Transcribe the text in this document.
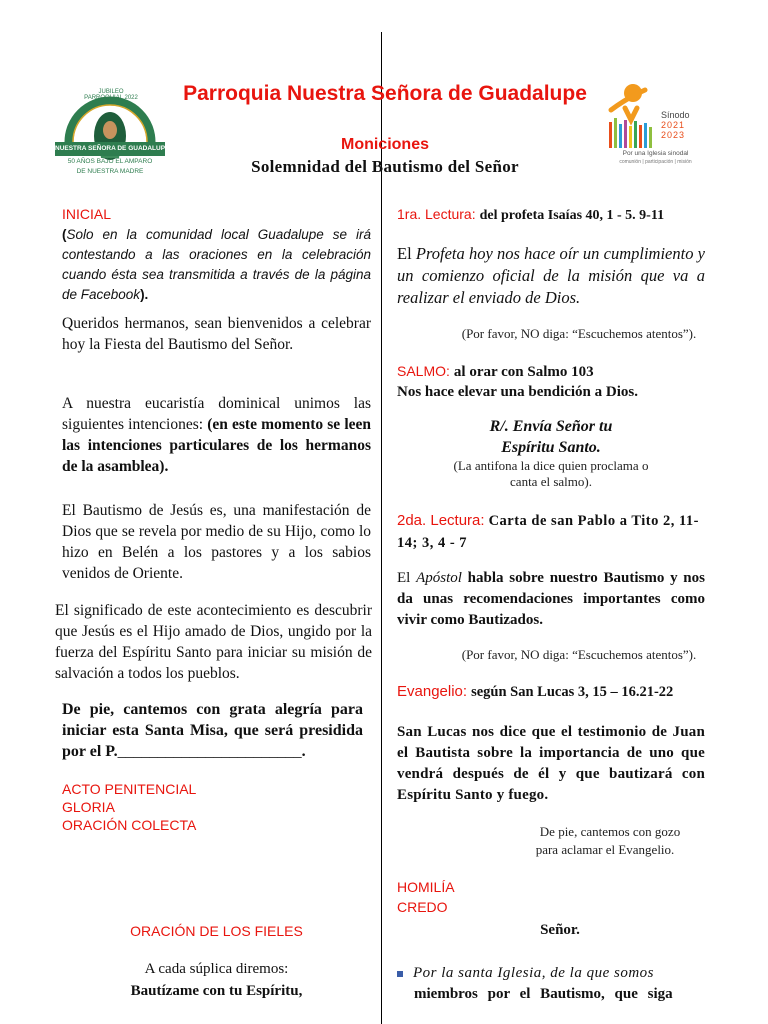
JUBILEO PARROQUIAL 2022
NUESTRA SEÑORA DE GUADALUPE SFS
50 AÑOS BAJO EL AMPARO
DE NUESTRA MADRE
Sínodo
2021
2023
Por una Iglesia sinodal
comunión | participación | misión
Parroquia Nuestra Señora de Guadalupe
Moniciones
Solemnidad del Bautismo del Señor
INICIAL
(Solo en la comunidad local Guadalupe se irá contestando a las oraciones en la celebración cuando ésta sea transmitida a través de la página de Facebook).
Queridos hermanos, sean bienvenidos a celebrar hoy la Fiesta del Bautismo del Señor.
A nuestra eucaristía dominical unimos las siguientes intenciones: (en este momento se leen las intenciones particulares de los hermanos de la asamblea).
El Bautismo de Jesús es, una manifestación de Dios que se revela por medio de su Hijo, como lo hizo en Belén a los pastores y a los sabios venidos de Oriente.
El significado de este acontecimiento es descubrir que Jesús es el Hijo amado de Dios, ungido por la fuerza del Espíritu Santo para iniciar su misión de salvación a todos los pueblos.
De pie, cantemos con grata alegría para iniciar esta Santa Misa, que será presidida por el P._______________________.
ACTO PENITENCIAL
GLORIA
ORACIÓN COLECTA
ORACIÓN DE LOS FIELES
A cada súplica diremos:
Bautízame con tu Espíritu,
1ra. Lectura: del profeta Isaías 40, 1 - 5. 9-11
El Profeta hoy nos hace oír un cumplimiento y un comienzo oficial de la misión que va a realizar el enviado de Dios.
(Por favor, NO diga: “Escuchemos atentos”).
SALMO: al orar con Salmo 103
Nos hace elevar una bendición a Dios.
R/. Envía Señor tu
Espíritu Santo.
(La antifona la dice quien proclama o
canta el salmo).
2da. Lectura: Carta de san Pablo a Tito 2, 11-14; 3, 4 - 7
El Apóstol habla sobre nuestro Bautismo y nos da unas recomendaciones importantes como vivir como Bautizados.
(Por favor, NO diga: “Escuchemos atentos”).
Evangelio: según San Lucas 3, 15 – 16.21-22
San Lucas nos dice que el testimonio de Juan el Bautista sobre la importancia de uno que vendrá después de él y que bautizará con Espíritu Santo y fuego.
De pie, cantemos con gozo
para aclamar el Evangelio.
HOMILÍA
CREDO
Señor.
Por la santa Iglesia, de la que somos
miembros por el Bautismo, que siga
